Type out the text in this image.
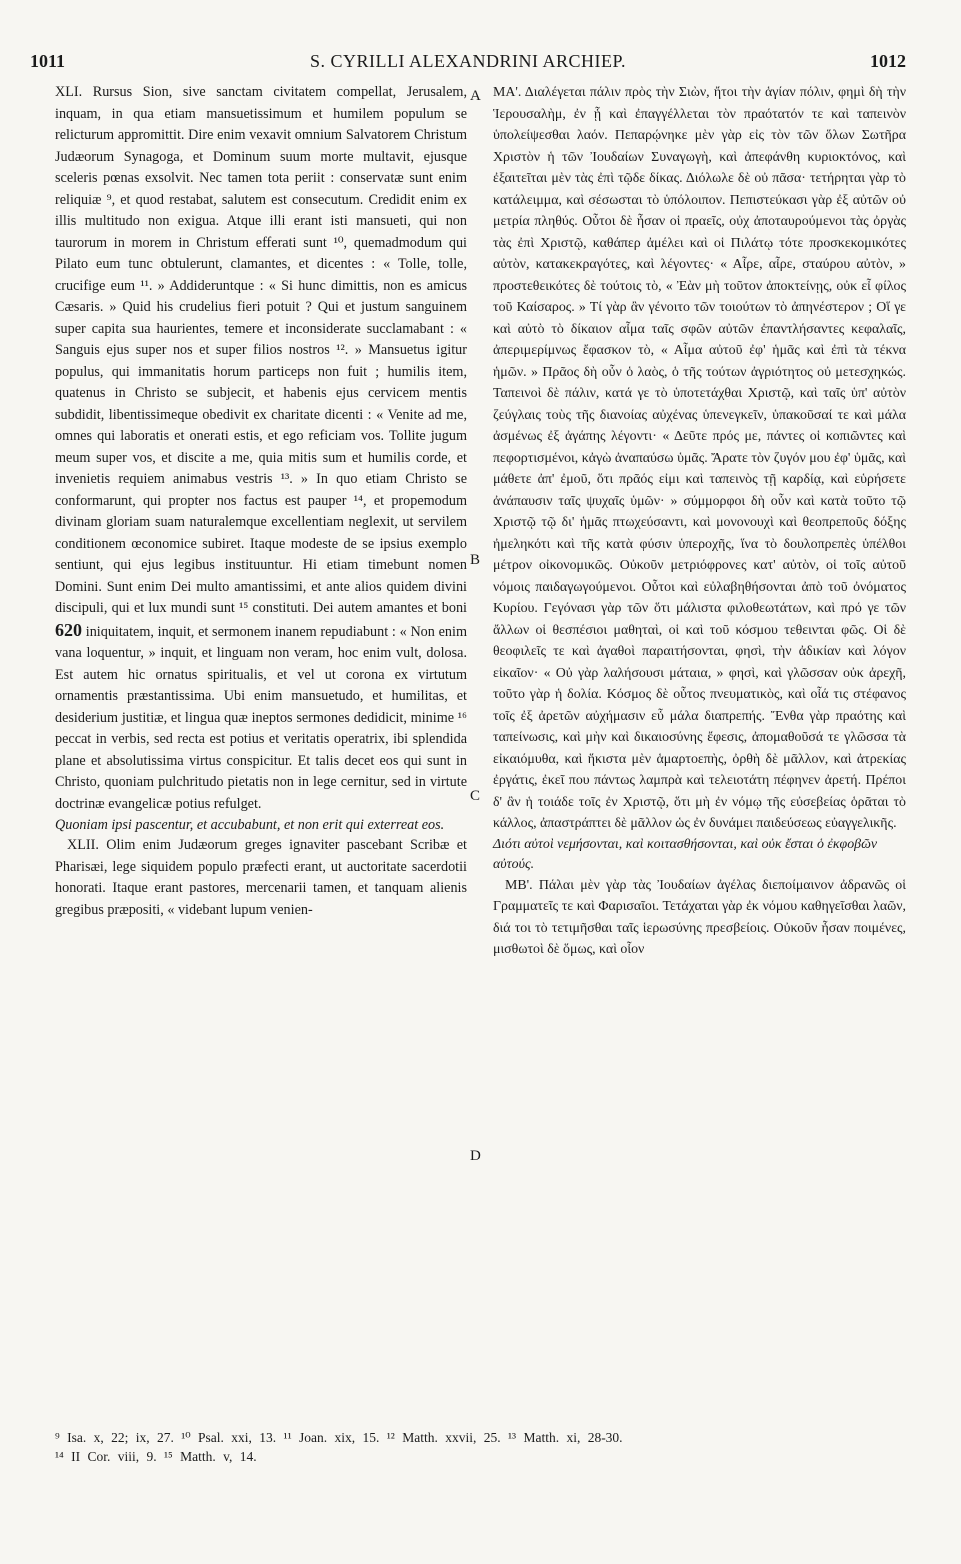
1011	S. CYRILLI ALEXANDRINI ARCHIEP.	1012
A
B
C
D

XLI. Rursus Sion, sive sanctam civitatem compellat, Jerusalem, inquam, in qua etiam mansuetissimum et humilem populum se relicturum appromittit. Dire enim vexavit omnium Salvatorem Christum Judæorum Synagoga, et Dominum suum morte multavit, ejusque sceleris pœnas exsolvit. Nec tamen tota periit : conservatæ sunt enim reliquiæ ⁹, et quod restabat, salutem est consecutum. Credidit enim ex illis multitudo non exigua. Atque illi erant isti mansueti, qui non taurorum in morem in Christum efferati sunt ¹⁰, quemadmodum qui Pilato eum tunc obtulerunt, clamantes, et dicentes : « Tolle, tolle, crucifige eum ¹¹. » Addideruntque : « Si hunc dimittis, non es amicus Cæsaris. » Quid his crudelius fieri potuit ? Qui et justum sanguinem super capita sua haurientes, temere et inconsiderate succlamabant : « Sanguis ejus super nos et super filios nostros ¹². » Mansuetus igitur populus, qui immanitatis horum particeps non fuit ; humilis item, quatenus in Christo se subjecit, et habenis ejus cervicem mentis subdidit, libentissimeque obedivit ex charitate dicenti : « Venite ad me, omnes qui laboratis et onerati estis, et ego reficiam vos. Tollite jugum meum super vos, et discite a me, quia mitis sum et humilis corde, et invenietis requiem animabus vestris ¹³. » In quo etiam Christo se conformarunt, qui propter nos factus est pauper ¹⁴, et propemodum divinam gloriam suam naturalemque excellentiam neglexit, ut servilem conditionem œconomice subiret. Itaque modeste de se ipsius exemplo sentiunt, qui ejus legibus instituuntur. Hi etiam timebunt nomen Domini. Sunt enim Dei multo amantissimi, et ante alios quidem divini discipuli, qui et lux mundi sunt ¹⁵ constituti. Dei autem amantes et boni 620 iniquitatem, inquit, et sermonem inanem repudiabunt : « Non enim vana loquentur, » inquit, et linguam non veram, hoc enim vult, dolosa. Est autem hic ornatus spiritualis, et vel ut corona ex virtutum ornamentis præstantissima. Ubi enim mansuetudo, et humilitas, et desiderium justitiæ, et lingua quæ ineptos sermones dedidicit, minime ¹⁶ peccat in verbis, sed recta est potius et veritatis operatrix, ibi splendida plane et absolutissima virtus conspicitur. Et talis decet eos qui sunt in Christo, quoniam pulchritudo pietatis non in lege cernitur, sed in virtute doctrinæ evangelicæ potius refulget.

Quoniam ipsi pascentur, et accubabunt, et non erit qui exterreat eos.

XLII. Olim enim Judæorum greges ignaviter pascebant Scribæ et Pharisæi, lege siquidem populo præfecti erant, ut auctoritate sacerdotii honorati. Itaque erant pastores, mercenarii tamen, et tanquam alienis gregibus præpositi, « videbant lupum venien-

ΜΑ'. Διαλέγεται πάλιν πρὸς τὴν Σιὼν, ἤτοι τὴν ἁγίαν πόλιν, φημὶ δὴ τὴν Ἱερουσαλὴμ, ἐν ᾗ καὶ ἐπαγγέλλεται τὸν πραότατόν τε καὶ ταπεινὸν ὑπολείψεσθαι λαόν. Πεπαρῴνηκε μὲν γὰρ εἰς τὸν τῶν ὅλων Σωτῆρα Χριστὸν ἡ τῶν Ἰουδαίων Συναγωγὴ, καὶ ἀπεφάνθη κυριοκτόνος, καὶ ἐξαιτεῖται μὲν τὰς ἐπὶ τῷδε δίκας. Διόλωλε δὲ οὐ πᾶσα· τετήρηται γὰρ τὸ κατάλειμμα, καὶ σέσωσται τὸ ὑπόλοιπον. Πεπιστεύκασι γὰρ ἐξ αὐτῶν οὐ μετρία πληθύς. Οὗτοι δὲ ἦσαν οἱ πραεῖς, οὐχ ἀποταυρούμενοι τὰς ὀργὰς τὰς ἐπὶ Χριστῷ, καθάπερ ἀμέλει καὶ οἱ Πιλάτῳ τότε προσκεκομικότες αὐτὸν, κατακεκραγότες, καὶ λέγοντες· « Αἶρε, αἶρε, σταύρου αὐτὸν, » προστεθεικότες δὲ τούτοις τὸ, « Ἐὰν μὴ τοῦτον ἀποκτείνῃς, οὐκ εἶ φίλος τοῦ Καίσαρος. » Τί γὰρ ἂν γένοιτο τῶν τοιούτων τὸ ἀπηνέστερον ; Οἵ γε καὶ αὐτὸ τὸ δίκαιον αἷμα ταῖς σφῶν αὐτῶν ἐπαντλήσαντες κεφαλαῖς, ἀπεριμερίμνως ἔφασκον τὸ, « Αἷμα αὐτοῦ ἐφ' ἡμᾶς καὶ ἐπὶ τὰ τέκνα ἡμῶν. » Πρᾶος δὴ οὖν ὁ λαὸς, ὁ τῆς τούτων ἀγριότητος οὐ μετεσχηκώς. Ταπεινοὶ δὲ πάλιν, κατά γε τὸ ὑποτετάχθαι Χριστῷ, καὶ ταῖς ὑπ' αὐτὸν ζεύγλαις τοὺς τῆς διανοίας αὐχένας ὑπενεγκεῖν, ὑπακοῦσαί τε καὶ μάλα ἀσμένως ἐξ ἀγάπης λέγοντι· « Δεῦτε πρός με, πάντες οἱ κοπιῶντες καὶ πεφορτισμένοι, κἀγὼ ἀναπαύσω ὑμᾶς. Ἄρατε τὸν ζυγόν μου ἐφ' ὑμᾶς, καὶ μάθετε ἀπ' ἐμοῦ, ὅτι πρᾶός εἰμι καὶ ταπεινὸς τῇ καρδίᾳ, καὶ εὑρήσετε ἀνάπαυσιν ταῖς ψυχαῖς ὑμῶν· » σύμμορφοι δὴ οὖν καὶ κατὰ τοῦτο τῷ Χριστῷ τῷ δι' ἡμᾶς πτωχεύσαντι, καὶ μονονουχὶ καὶ θεοπρεποῦς δόξης ἠμεληκότι καὶ τῆς κατὰ φύσιν ὑπεροχῆς, ἵνα τὸ δουλοπρεπὲς ὑπέλθοι μέτρον οἰκονομικῶς. Οὐκοῦν μετριόφρονες κατ' αὐτὸν, οἱ τοῖς αὐτοῦ νόμοις παιδαγωγούμενοι. Οὗτοι καὶ εὐλαβηθήσονται ἀπὸ τοῦ ὀνόματος Κυρίου. Γεγόνασι γὰρ τῶν ὅτι μάλιστα φιλοθεωτάτων, καὶ πρό γε τῶν ἄλλων οἱ θεσπέσιοι μαθηταὶ, οἱ καὶ τοῦ κόσμου τεθεινται φῶς. Οἱ δὲ θεοφιλεῖς τε καὶ ἀγαθοὶ παραιτήσονται, φησὶ, τὴν ἀδικίαν καὶ λόγον εἰκαῖον· « Οὐ γὰρ λαλήσουσι μάταια, » φησὶ, καὶ γλῶσσαν οὐκ ἀρεχῆ, τοῦτο γὰρ ἡ δολία. Κόσμος δὲ οὗτος πνευματικὸς, καὶ οἷά τις στέφανος τοῖς ἐξ ἀρετῶν αὐχήμασιν εὖ μάλα διαπρεπής. Ἔνθα γὰρ πραότης καὶ ταπείνωσις, καὶ μὴν καὶ δικαιοσύνης ἔφεσις, ἀπομαθοῦσά τε γλῶσσα τὰ εἰκαιόμυθα, καὶ ἥκιστα μὲν ἁμαρτοεπὴς, ὀρθὴ δὲ μᾶλλον, καὶ ἀτρεκίας ἐργάτις, ἐκεῖ που πάντως λαμπρὰ καὶ τελειοτάτη πέφηνεν ἀρετή. Πρέποι δ' ἂν ἡ τοιάδε τοῖς ἐν Χριστῷ, ὅτι μὴ ἐν νόμῳ τῆς εὐσεβείας ὁρᾶται τὸ κάλλος, ἀπαστράπτει δὲ μᾶλλον ὡς ἐν δυνάμει παιδεύσεως εὐαγγελικῆς.

Διότι αὐτοὶ νεμήσονται, καὶ κοιτασθήσονται, καὶ οὐκ ἔσται ὁ ἐκφοβῶν αὐτούς.

ΜΒ'. Πάλαι μὲν γὰρ τὰς Ἰουδαίων ἀγέλας διεποίμαινον ἀδρανῶς οἱ Γραμματεῖς τε καὶ Φαρισαῖοι. Τετάχαται γὰρ ἐκ νόμου καθηγεῖσθαι λαῶν, διά τοι τὸ τετιμῆσθαι ταῖς ἱερωσύνης πρεσβείοις. Οὐκοῦν ἦσαν ποιμένες, μισθωτοὶ δὲ ὅμως, καὶ οἷον

⁹ Isa. x, 22; ix, 27. ¹⁰ Psal. xxi, 13. ¹¹ Joan. xix, 15. ¹² Matth. xxvii, 25. ¹³ Matth. xi, 28-30.
¹⁴ II Cor. viii, 9. ¹⁵ Matth. v, 14.
